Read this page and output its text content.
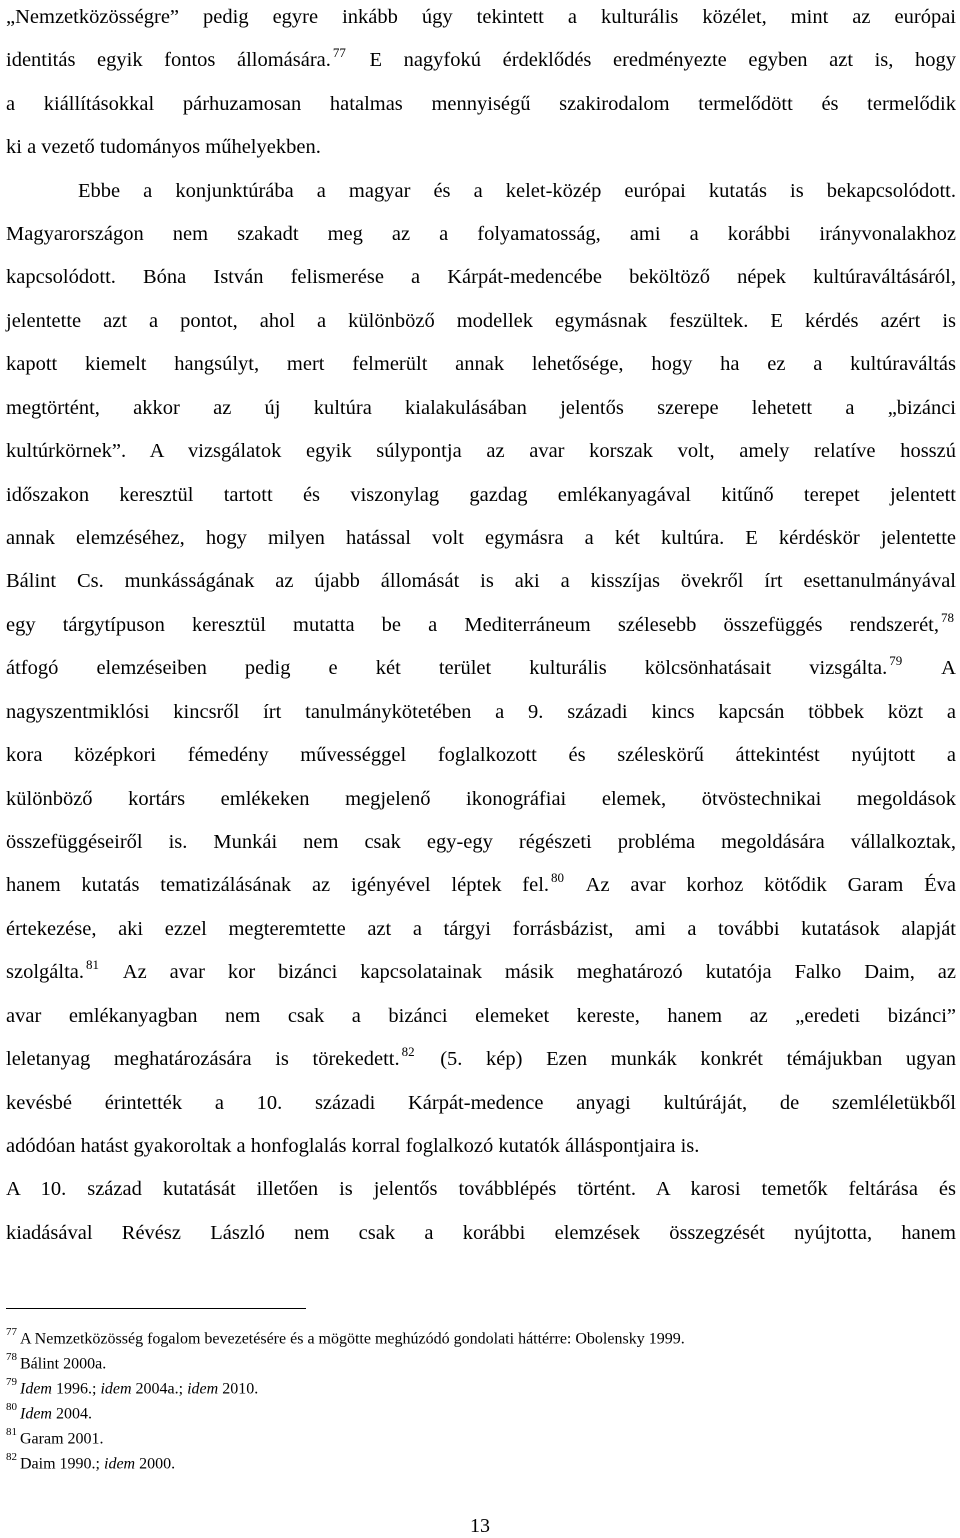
„Nemzetközösségre” pedig egyre inkább úgy tekintett a kulturális közélet, mint az európai
identitás egyik fontos állomására. $^{77}$ E nagyfokú érdeklődés eredményezte egyben azt is, hogy
a kiállításokkal párhuzamosan hatalmas mennyiségű szakirodalom termelődött és termelődik
ki a vezető tudományos műhelyekben.
Ebbe a konjunktúrába a magyar és a kelet-közép európai kutatás is bekapcsolódott.
Magyarországon nem szakadt meg az a folyamatosság, ami a korábbi irányvonalakhoz
kapcsolódott. Bóna István felismerése a Kárpát-medencébe beköltöző népek kultúraváltásáról,
jelentette azt a pontot, ahol a különböző modellek egymásnak feszültek. E kérdés azért is
kapott kiemelt hangsúlyt, mert felmerült annak lehetősége, hogy ha ez a kultúraváltás
megtörtént, akkor az új kultúra kialakulásában jelentős szerepe lehetett a „bizánci
kultúrkörnek”. A vizsgálatok egyik súlypontja az avar korszak volt, amely relatíve hosszú
időszakon keresztül tartott és viszonylag gazdag emlékanyagával kitűnő terepet jelentett
annak elemzéséhez, hogy milyen hatással volt egymásra a két kultúra. E kérdéskör jelentette
Bálint Cs. munkásságának az újabb állomását is aki a kisszíjas övekről írt esettanulmányával
egy tárgytípuson keresztül mutatta be a Mediterráneum szélesebb összefüggés rendszerét, $^{78}$
átfogó elemzéseiben pedig e két terület kulturális kölcsönhatásait vizsgálta. $^{79}$ A
nagyszentmiklósi kincsről írt tanulmánykötetében a 9. századi kincs kapcsán többek közt a
kora középkori fémedény művességgel foglalkozott és széleskörű áttekintést nyújtott a
különböző kortárs emlékeken megjelenő ikonográfiai elemek, ötvöstechnikai megoldások
összefüggéseiről is. Munkái nem csak egy-egy régészeti probléma megoldására vállalkoztak,
hanem kutatás tematizálásának az igényével léptek fel. $^{80}$ Az avar korhoz kötődik Garam Éva
értekezése, aki ezzel megteremtette azt a tárgyi forrásbázist, ami a további kutatások alapját
szolgálta. $^{81}$ Az avar kor bizánci kapcsolatainak másik meghatározó kutatója Falko Daim, az
avar emlékanyagban nem csak a bizánci elemeket kereste, hanem az „eredeti bizánci”
leletanyag meghatározására is törekedett. $^{82}$ (5. kép) Ezen munkák konkrét témájukban ugyan
kevésbé érintették a 10. századi Kárpát-medence anyagi kultúráját, de szemléletükből
adódóan hatást gyakoroltak a honfoglalás korral foglalkozó kutatók álláspontjaira is.
A 10. század kutatását illetően is jelentős továbblépés történt. A karosi temetők feltárása és
kiadásával Révész László nem csak a korábbi elemzések összegzését nyújtotta, hanem
$^{77}$ A Nemzetközösség fogalom bevezetésére és a mögötte meghúzódó gondolati háttérre: Obolensky 1999.
$^{78}$ Bálint 2000a.
$^{79}$ Idem 1996.; idem 2004a.; idem 2010.
$^{80}$ Idem 2004.
$^{81}$ Garam 2001.
$^{82}$ Daim 1990.; idem 2000.
13
